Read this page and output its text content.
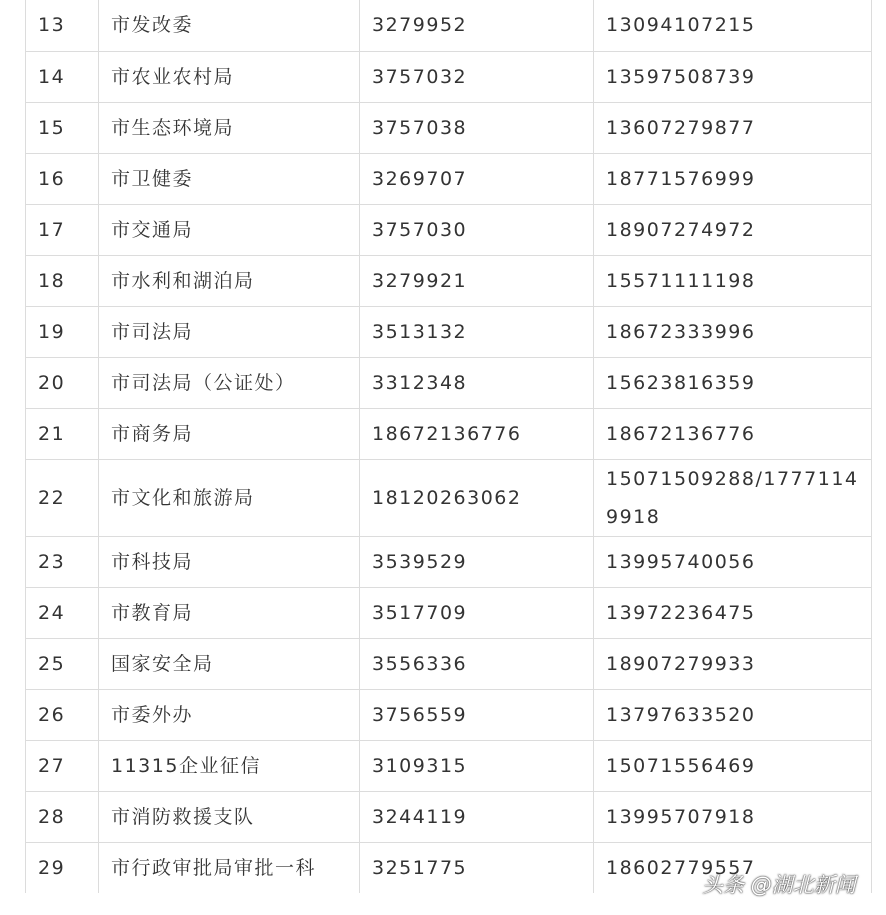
13	市发改委	3279952	13094107215
14	市农业农村局	3757032	13597508739
15	市生态环境局	3757038	13607279877
16	市卫健委	3269707	18771576999
17	市交通局	3757030	18907274972
18	市水利和湖泊局	3279921	15571111198
19	市司法局	3513132	18672333996
20	市司法局（公证处）	3312348	15623816359
21	市商务局	18672136776	18672136776
22	市文化和旅游局	18120263062	15071509288/17771149918
23	市科技局	3539529	13995740056
24	市教育局	3517709	13972236475
25	国家安全局	3556336	18907279933
26	市委外办	3756559	13797633520
27	11315企业征信	3109315	15071556469
28	市消防救援支队	3244119	13995707918
29	市行政审批局审批一科	3251775	18602779557
头条 @湖北新闻
